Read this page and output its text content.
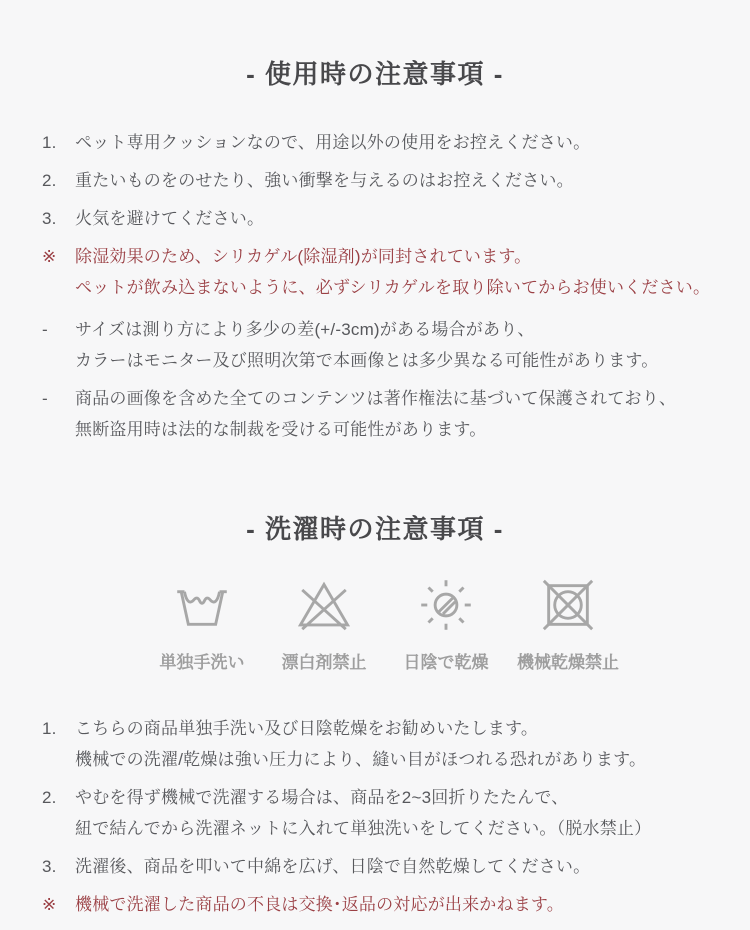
- 使用時の注意事項 -
1.	ペット専用クッションなので、用途以外の使用をお控えください。
2.	重たいものをのせたり、強い衝撃を与えるのはお控えください。
3.	火気を避けてください。
※	除湿効果のため、シリカゲル(除湿剤)が同封されています。
ペットが飲み込まないように、必ずシリカゲルを取り除いてからお使いください。
-	サイズは測り方により多少の差(+/-3cm)がある場合があり、
カラーはモニター及び照明次第で本画像とは多少異なる可能性があります。
-	商品の画像を含めた全てのコンテンツは著作権法に基づいて保護されており、
無断盗用時は法的な制裁を受ける可能性があります。
- 洗濯時の注意事項 -
単独手洗い 漂白剤禁止 日陰で乾燥 機械乾燥禁止
1.	こちらの商品単独手洗い及び日陰乾燥をお勧めいたします。
機械での洗濯/乾燥は強い圧力により、縫い目がほつれる恐れがあります。
2.	やむを得ず機械で洗濯する場合は、商品を2~3回折りたたんで、
紐で結んでから洗濯ネットに入れて単独洗いをしてください。（脱水禁止）
3.	洗濯後、商品を叩いて中綿を広げ、日陰で自然乾燥してください。
※	機械で洗濯した商品の不良は交換･返品の対応が出来かねます。
